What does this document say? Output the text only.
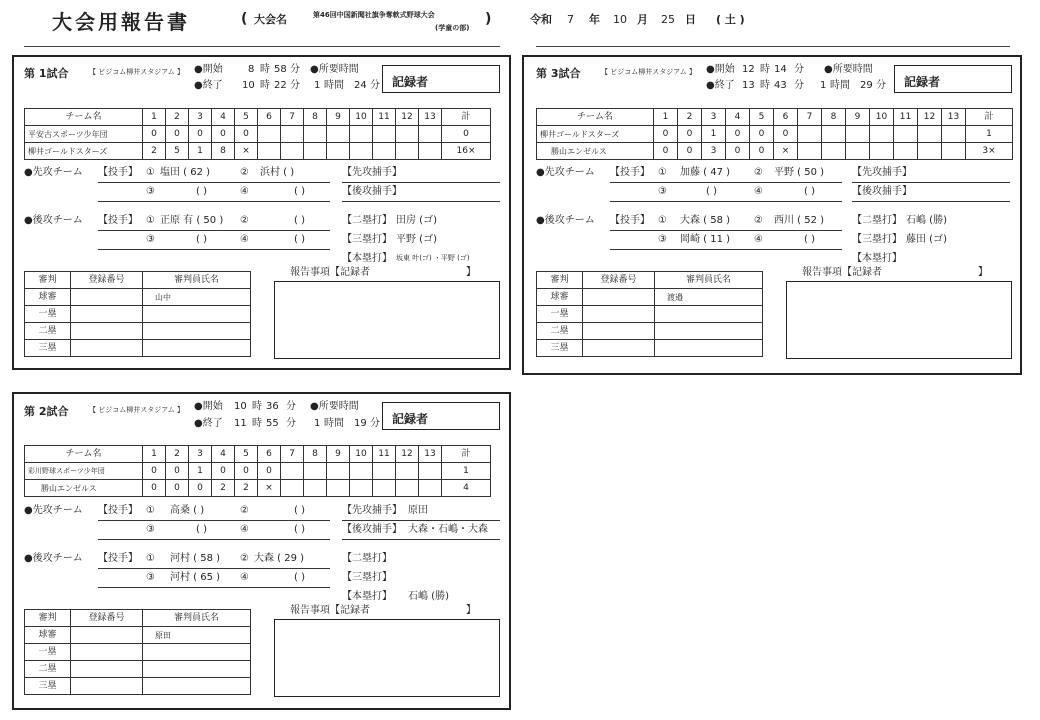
大会用報告書	( 大会名	第46回中国新聞社旗争奪軟式野球大会
(学童の部)
)	令和 7 年 10 月 25 日 ( 土 )
第 1試合	【 ビジコム柳井スタジアム 】 ●開始	8 時 58 分 ●所要時間
●終了 10 時 22 分 1 時間 24 分	記録者
チーム名	1	2	3	4	5	6	7	8	9	10	11	12	13	計
平安古スポーツ少年団	0	0	0	0	0									0
柳井ゴールドスターズ	2	5	1	8	×									16×
●先攻チーム 【投手】 ① 塩田 ( 62 )	② 浜村 ( )	【先攻捕手】
③	( )	④	( )	【後攻捕手】
●後攻チーム 【投手】 ① 正原 有 ( 50 ) ②	( )	【二塁打】 田房 (ゴ)
③	( )	④	( )	【三塁打】 平野 (ゴ)
【本塁打】 坂東 叶(ゴ) ・平野 (ゴ)
審判	登録番号	審判員氏名
球審		山中
一塁		
二塁		
三塁		
報告事項【記録者	】
第 3試合	【 ビジコム柳井スタジアム 】 ●開始 12 時 14 分 ●所要時間
●終了 13 時 43 分 1 時間 29 分	記録者
チーム名	1	2	3	4	5	6	7	8	9	10	11	12	13	計
柳井ゴールドスターズ	0	0	1	0	0	0								1
勝山エンゼルス	0	0	3	0	0	×								3×
●先攻チーム 【投手】 ① 加藤 ( 47 ) ② 平野 ( 50 )	【先攻捕手】
③	( )	④	( )	【後攻捕手】
●後攻チーム 【投手】 ① 大森 ( 58 ) ② 西川 ( 52 )	【二塁打】 石嶋 (勝)
③ 岡崎 ( 11 ) ④	( )	【三塁打】 藤田 (ゴ)
【本塁打】
審判	登録番号	審判員氏名
球審		渡邉
一塁		
二塁		
三塁		
報告事項【記録者	】
第 2試合	【 ビジコム柳井スタジアム 】 ●開始 10 時 36 分 ●所要時間
●終了 11 時 55 分 1 時間 19 分	記録者
チーム名	1	2	3	4	5	6	7	8	9	10	11	12	13	計
彩川野球スポーツ少年団	0	0	1	0	0	0								1
勝山エンゼルス	0	0	0	2	2	×								4
●先攻チーム 【投手】 ① 高桑 ( )	②	( )	【先攻捕手】 原田
③	( )	④	( )	【後攻捕手】 大森・石嶋・大森
●後攻チーム 【投手】 ① 河村 ( 58 ) ② 大森 ( 29 )	【二塁打】
③ 河村 ( 65 ) ④	( )	【三塁打】
【本塁打】 石嶋 (勝)
審判	登録番号	審判員氏名
球審		原田
一塁		
二塁		
三塁		
報告事項【記録者	】
